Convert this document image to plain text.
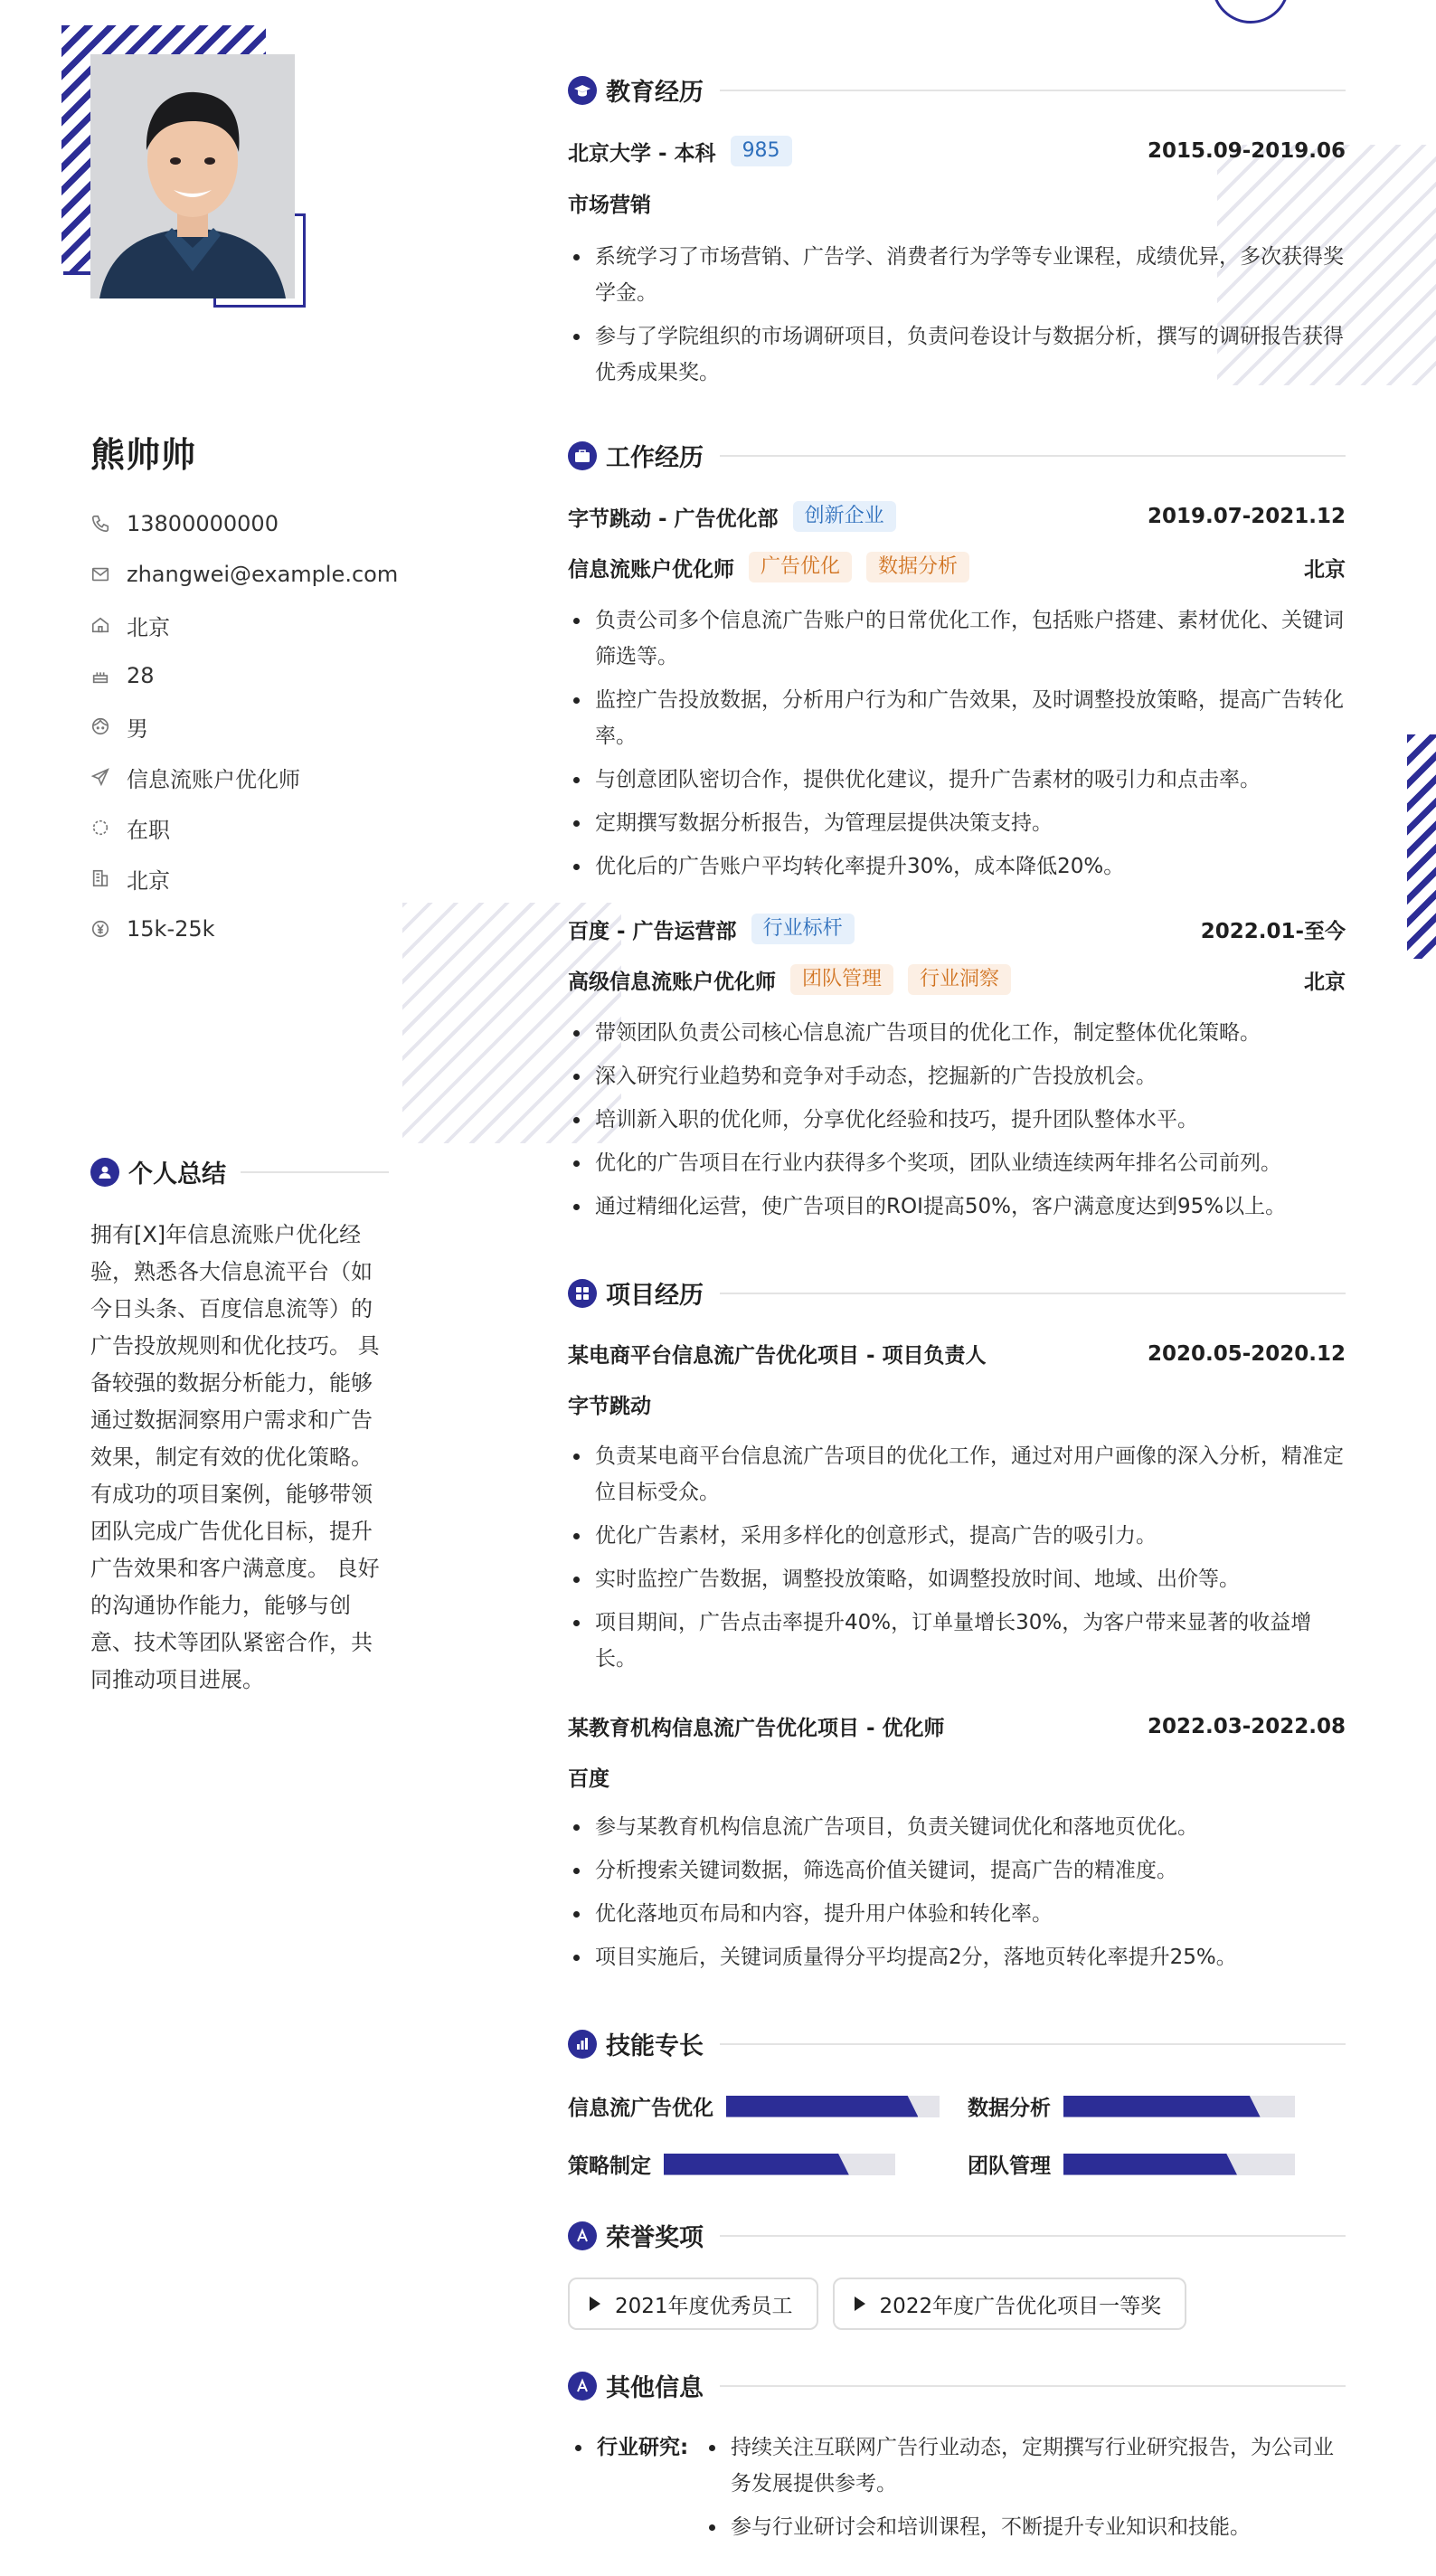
熊帅帅
13800000000
zhangwei@example.com
北京
28
男
信息流账户优化师
在职
北京
15k-25k
个人总结
拥有[X]年信息流账户优化经验，熟悉各大信息流平台（如今日头条、百度信息流等）的广告投放规则和优化技巧。 具备较强的数据分析能力，能够通过数据洞察用户需求和广告效果，制定有效的优化策略。 有成功的项目案例，能够带领团队完成广告优化目标，提升广告效果和客户满意度。 良好的沟通协作能力，能够与创意、技术等团队紧密合作，共同推动项目进展。
教育经历
北京大学 - 本科	985	2015.09-2019.06
市场营销
系统学习了市场营销、广告学、消费者行为学等专业课程，成绩优异，多次获得奖学金。
参与了学院组织的市场调研项目，负责问卷设计与数据分析，撰写的调研报告获得优秀成果奖。
工作经历
字节跳动 - 广告优化部	创新企业	2019.07-2021.12
信息流账户优化师	广告优化	数据分析	北京
负责公司多个信息流广告账户的日常优化工作，包括账户搭建、素材优化、关键词筛选等。
监控广告投放数据，分析用户行为和广告效果，及时调整投放策略，提高广告转化率。
与创意团队密切合作，提供优化建议，提升广告素材的吸引力和点击率。
定期撰写数据分析报告，为管理层提供决策支持。
优化后的广告账户平均转化率提升30%，成本降低20%。
百度 - 广告运营部	行业标杆	2022.01-至今
高级信息流账户优化师	团队管理	行业洞察	北京
带领团队负责公司核心信息流广告项目的优化工作，制定整体优化策略。
深入研究行业趋势和竞争对手动态，挖掘新的广告投放机会。
培训新入职的优化师，分享优化经验和技巧，提升团队整体水平。
优化的广告项目在行业内获得多个奖项，团队业绩连续两年排名公司前列。
通过精细化运营，使广告项目的ROI提高50%，客户满意度达到95%以上。
项目经历
某电商平台信息流广告优化项目 - 项目负责人	2020.05-2020.12
字节跳动
负责某电商平台信息流广告项目的优化工作，通过对用户画像的深入分析，精准定位目标受众。
优化广告素材，采用多样化的创意形式，提高广告的吸引力。
实时监控广告数据，调整投放策略，如调整投放时间、地域、出价等。
项目期间，广告点击率提升40%，订单量增长30%，为客户带来显著的收益增长。
某教育机构信息流广告优化项目 - 优化师	2022.03-2022.08
百度
参与某教育机构信息流广告项目，负责关键词优化和落地页优化。
分析搜索关键词数据，筛选高价值关键词，提高广告的精准度。
优化落地页布局和内容，提升用户体验和转化率。
项目实施后，关键词质量得分平均提高2分，落地页转化率提升25%。
技能专长
信息流广告优化	数据分析
策略制定	团队管理
荣誉奖项
2021年度优秀员工	2022年度广告优化项目一等奖
其他信息
行业研究:	持续关注互联网广告行业动态，定期撰写行业研究报告，为公司业务发展提供参考。
参与行业研讨会和培训课程，不断提升专业知识和技能。
